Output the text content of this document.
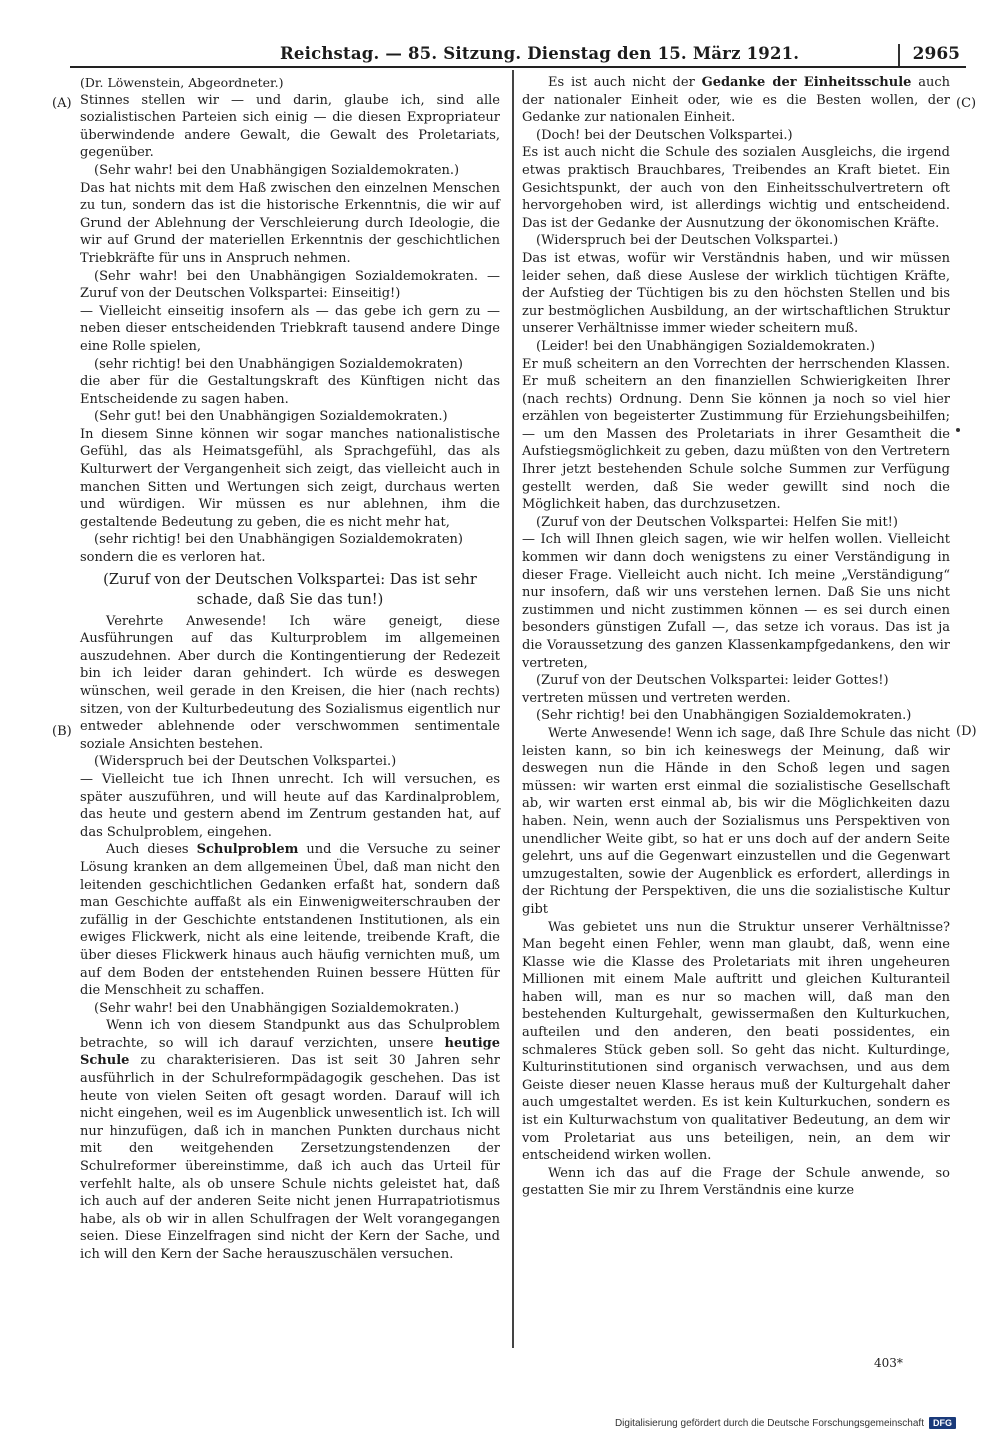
Reichstag. — 85. Sitzung. Dienstag den 15. März 1921.	2965
(A)
(B)
(C)
(D)

(Dr. Löwenstein, Abgeordneter.)

Stinnes stellen wir — und darin, glaube ich, sind alle sozialistischen Parteien sich einig — die diesen Expropriateur überwindende andere Gewalt, die Gewalt des Proletariats, gegenüber.

(Sehr wahr! bei den Unabhängigen Sozialdemokraten.)

Das hat nichts mit dem Haß zwischen den einzelnen Menschen zu tun, sondern das ist die historische Erkenntnis, die wir auf Grund der Ablehnung der Verschleierung durch Ideologie, die wir auf Grund der materiellen Erkenntnis der geschichtlichen Triebkräfte für uns in Anspruch nehmen.

(Sehr wahr! bei den Unabhängigen Sozialdemokraten. — Zuruf von der Deutschen Volkspartei: Einseitig!)

— Vielleicht einseitig insofern als — das gebe ich gern zu — neben dieser entscheidenden Triebkraft tausend andere Dinge eine Rolle spielen,

(sehr richtig! bei den Unabhängigen Sozialdemokraten)

die aber für die Gestaltungskraft des Künftigen nicht das Entscheidende zu sagen haben.

(Sehr gut! bei den Unabhängigen Sozialdemokraten.)

In diesem Sinne können wir sogar manches nationalistische Gefühl, das als Heimatsgefühl, als Sprachgefühl, das als Kulturwert der Vergangenheit sich zeigt, das vielleicht auch in manchen Sitten und Wertungen sich zeigt, durchaus werten und würdigen. Wir müssen es nur ablehnen, ihm die gestaltende Bedeutung zu geben, die es nicht mehr hat,

(sehr richtig! bei den Unabhängigen Sozialdemokraten)

sondern die es verloren hat.

(Zuruf von der Deutschen Volkspartei: Das ist sehr schade, daß Sie das tun!)

Verehrte Anwesende! Ich wäre geneigt, diese Ausführungen auf das Kulturproblem im allgemeinen auszudehnen. Aber durch die Kontingentierung der Redezeit bin ich leider daran gehindert. Ich würde es deswegen wünschen, weil gerade in den Kreisen, die hier (nach rechts) sitzen, von der Kulturbedeutung des Sozialismus eigentlich nur entweder ablehnende oder verschwommen sentimentale soziale Ansichten bestehen.

(Widerspruch bei der Deutschen Volkspartei.)

— Vielleicht tue ich Ihnen unrecht. Ich will versuchen, es später auszuführen, und will heute auf das Kardinalproblem, das heute und gestern abend im Zentrum gestanden hat, auf das Schulproblem, eingehen.

Auch dieses Schulproblem und die Versuche zu seiner Lösung kranken an dem allgemeinen Übel, daß man nicht den leitenden geschichtlichen Gedanken erfaßt hat, sondern daß man Geschichte auffaßt als ein Einwenigweiterschrauben der zufällig in der Geschichte entstandenen Institutionen, als ein ewiges Flickwerk, nicht als eine leitende, treibende Kraft, die über dieses Flickwerk hinaus auch häufig vernichten muß, um auf dem Boden der entstehenden Ruinen bessere Hütten für die Menschheit zu schaffen.

(Sehr wahr! bei den Unabhängigen Sozialdemokraten.)

Wenn ich von diesem Standpunkt aus das Schulproblem betrachte, so will ich darauf verzichten, unsere heutige Schule zu charakterisieren. Das ist seit 30 Jahren sehr ausführlich in der Schulreformpädagogik geschehen. Das ist heute von vielen Seiten oft gesagt worden. Darauf will ich nicht eingehen, weil es im Augenblick unwesentlich ist. Ich will nur hinzufügen, daß ich in manchen Punkten durchaus nicht mit den weitgehenden Zersetzungstendenzen der Schulreformer übereinstimme, daß ich auch das Urteil für verfehlt halte, als ob unsere Schule nichts geleistet hat, daß ich auch auf der anderen Seite nicht jenen Hurrapatriotismus habe, als ob wir in allen Schulfragen der Welt vorangegangen seien. Diese Einzelfragen sind nicht der Kern der Sache, und ich will den Kern der Sache herauszuschälen versuchen.

Es ist auch nicht der Gedanke der Einheitsschule auch der nationaler Einheit oder, wie es die Besten wollen, der Gedanke zur nationalen Einheit.

(Doch! bei der Deutschen Volkspartei.)

Es ist auch nicht die Schule des sozialen Ausgleichs, die irgend etwas praktisch Brauchbares, Treibendes an Kraft bietet. Ein Gesichtspunkt, der auch von den Einheitsschulvertretern oft hervorgehoben wird, ist allerdings wichtig und entscheidend. Das ist der Gedanke der Ausnutzung der ökonomischen Kräfte.

(Widerspruch bei der Deutschen Volkspartei.)

Das ist etwas, wofür wir Verständnis haben, und wir müssen leider sehen, daß diese Auslese der wirklich tüchtigen Kräfte, der Aufstieg der Tüchtigen bis zu den höchsten Stellen und bis zur bestmöglichen Ausbildung, an der wirtschaftlichen Struktur unserer Verhältnisse immer wieder scheitern muß.

(Leider! bei den Unabhängigen Sozialdemokraten.)

Er muß scheitern an den Vorrechten der herrschenden Klassen. Er muß scheitern an den finanziellen Schwierigkeiten Ihrer (nach rechts) Ordnung. Denn Sie können ja noch so viel hier erzählen von begeisterter Zustimmung für Erziehungsbeihilfen; — um den Massen des Proletariats in ihrer Gesamtheit die Aufstiegsmöglichkeit zu geben, dazu müßten von den Vertretern Ihrer jetzt bestehenden Schule solche Summen zur Verfügung gestellt werden, daß Sie weder gewillt sind noch die Möglichkeit haben, das durchzusetzen.

(Zuruf von der Deutschen Volkspartei: Helfen Sie mit!)

— Ich will Ihnen gleich sagen, wie wir helfen wollen. Vielleicht kommen wir dann doch wenigstens zu einer Verständigung in dieser Frage. Vielleicht auch nicht. Ich meine „Verständigung“ nur insofern, daß wir uns verstehen lernen. Daß Sie uns nicht zustimmen und nicht zustimmen können — es sei durch einen besonders günstigen Zufall —, das setze ich voraus. Das ist ja die Voraussetzung des ganzen Klassenkampfgedankens, den wir vertreten,

(Zuruf von der Deutschen Volkspartei: leider Gottes!)

vertreten müssen und vertreten werden.

(Sehr richtig! bei den Unabhängigen Sozialdemokraten.)

Werte Anwesende! Wenn ich sage, daß Ihre Schule das nicht leisten kann, so bin ich keineswegs der Meinung, daß wir deswegen nun die Hände in den Schoß legen und sagen müssen: wir warten erst einmal die sozialistische Gesellschaft ab, wir warten erst einmal ab, bis wir die Möglichkeiten dazu haben. Nein, wenn auch der Sozialismus uns Perspektiven von unendlicher Weite gibt, so hat er uns doch auf der andern Seite gelehrt, uns auf die Gegenwart einzustellen und die Gegenwart umzugestalten, sowie der Augenblick es erfordert, allerdings in der Richtung der Perspektiven, die uns die sozialistische Kultur gibt

Was gebietet uns nun die Struktur unserer Verhältnisse? Man begeht einen Fehler, wenn man glaubt, daß, wenn eine Klasse wie die Klasse des Proletariats mit ihren ungeheuren Millionen mit einem Male auftritt und gleichen Kulturanteil haben will, man es nur so machen will, daß man den bestehenden Kulturgehalt, gewissermaßen den Kulturkuchen, aufteilen und den anderen, den beati possidentes, ein schmaleres Stück geben soll. So geht das nicht. Kulturdinge, Kulturinstitutionen sind organisch verwachsen, und aus dem Geiste dieser neuen Klasse heraus muß der Kulturgehalt daher auch umgestaltet werden. Es ist kein Kulturkuchen, sondern es ist ein Kulturwachstum von qualitativer Bedeutung, an dem wir vom Proletariat aus uns beteiligen, nein, an dem wir entscheidend wirken wollen.

Wenn ich das auf die Frage der Schule anwende, so gestatten Sie mir zu Ihrem Verständnis eine kurze

403*
Digitalisierung gefördert durch die Deutsche Forschungsgemeinschaft	DFG
